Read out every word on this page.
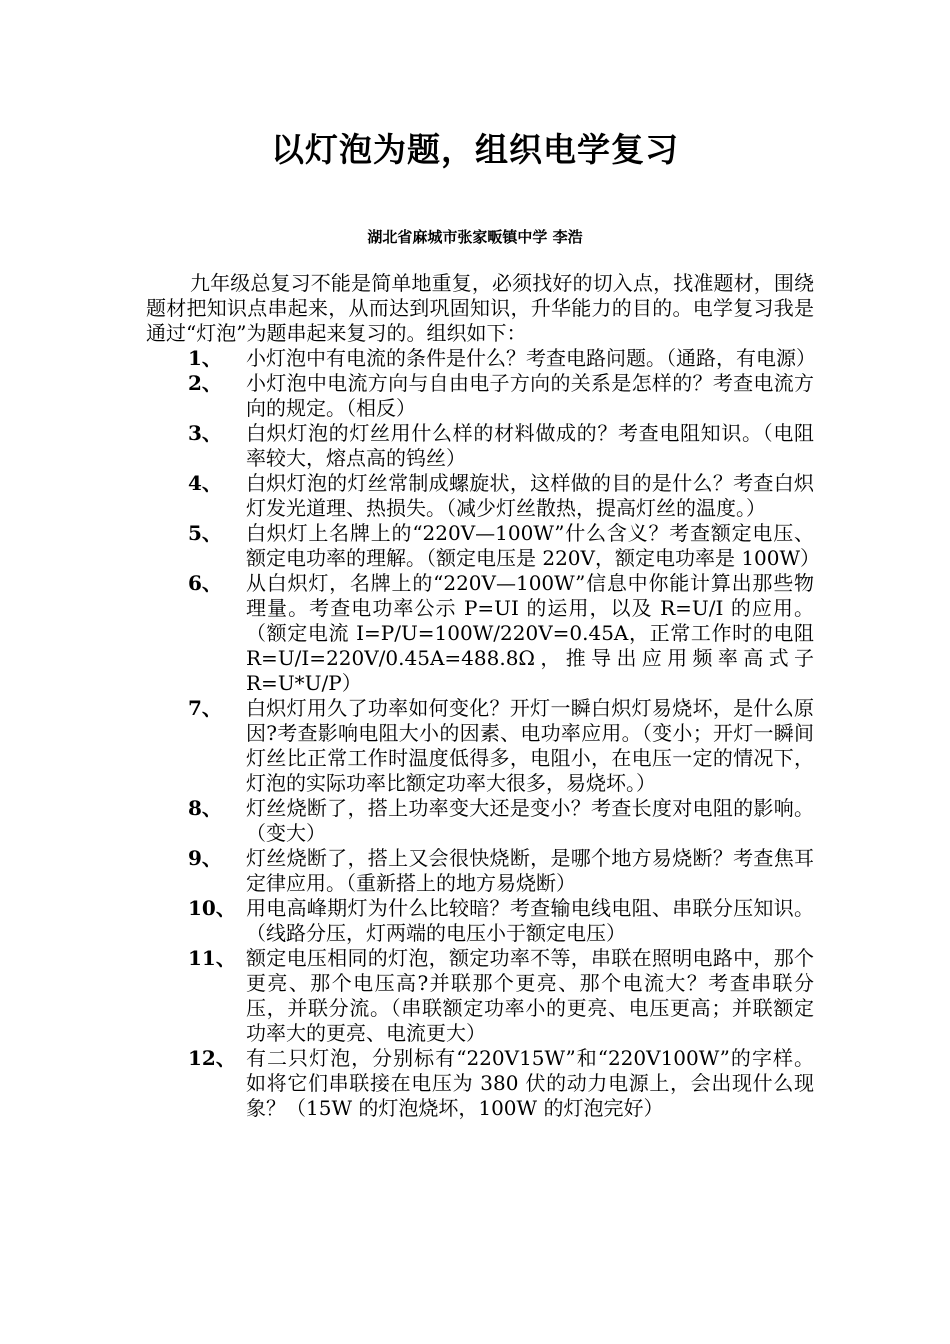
以灯泡为题，组织电学复习
湖北省麻城市张家畈镇中学 李浩
九年级总复习不能是简单地重复，必须找好的切入点，找准题材，围绕题材把知识点串起来，从而达到巩固知识，升华能力的目的。电学复习我是通过“灯泡”为题串起来复习的。组织如下：
1、	小灯泡中有电流的条件是什么？考查电路问题。（通路，有电源）
2、	小灯泡中电流方向与自由电子方向的关系是怎样的？考查电流方向的规定。（相反）
3、	白炽灯泡的灯丝用什么样的材料做成的？考查电阻知识。（电阻率较大，熔点高的钨丝）
4、	白炽灯泡的灯丝常制成螺旋状，这样做的目的是什么？考查白炽灯发光道理、热损失。（减少灯丝散热，提高灯丝的温度。）
5、	白炽灯上名牌上的“220V—100W”什么含义？考查额定电压、额定电功率的理解。（额定电压是 220V，额定电功率是 100W）
6、	从白炽灯，名牌上的“220V—100W”信息中你能计算出那些物理量。考查电功率公示 P=UI 的运用，以及 R=U/I 的应用。（额定电流 I=P/U=100W/220V=0.45A，正常工作时的电阻 R=U/I=220V/0.45A=488.8Ω，推导出应用频率高式子 R=U*U/P）
7、	白炽灯用久了功率如何变化？开灯一瞬白炽灯易烧坏，是什么原因?考查影响电阻大小的因素、电功率应用。（变小；开灯一瞬间灯丝比正常工作时温度低得多，电阻小，在电压一定的情况下，灯泡的实际功率比额定功率大很多，易烧坏。）
8、	灯丝烧断了，搭上功率变大还是变小？考查长度对电阻的影响。（变大）
9、	灯丝烧断了，搭上又会很快烧断，是哪个地方易烧断？考查焦耳定律应用。（重新搭上的地方易烧断）
10、 用电高峰期灯为什么比较暗？考查输电线电阻、串联分压知识。（线路分压，灯两端的电压小于额定电压）
11、 额定电压相同的灯泡，额定功率不等，串联在照明电路中，那个更亮、那个电压高?并联那个更亮、那个电流大？考查串联分压，并联分流。（串联额定功率小的更亮、电压更高；并联额定功率大的更亮、电流更大）
12、 有二只灯泡，分别标有“220V15W”和“220V100W”的字样。如将它们串联接在电压为 380 伏的动力电源上，会出现什么现象？（15W 的灯泡烧坏，100W 的灯泡完好）
